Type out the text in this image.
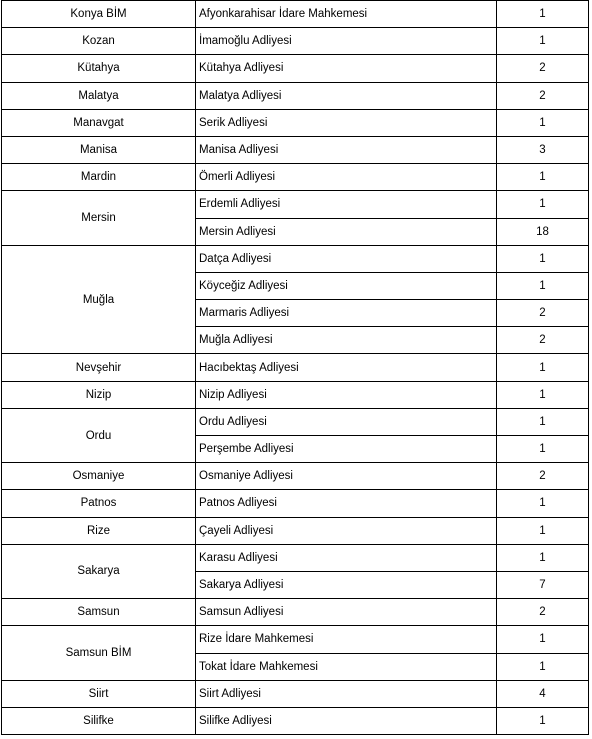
Konya BİM	Afyonkarahisar İdare Mahkemesi	1
Kozan	İmamoğlu Adliyesi	1
Kütahya	Kütahya Adliyesi	2
Malatya	Malatya Adliyesi	2
Manavgat	Serik Adliyesi	1
Manisa	Manisa Adliyesi	3
Mardin	Ömerli Adliyesi	1
Mersin	Erdemli Adliyesi	1
	Mersin Adliyesi	18
Muğla	Datça Adliyesi	1
	Köyceğiz Adliyesi	1
	Marmaris Adliyesi	2
	Muğla Adliyesi	2
Nevşehir	Hacıbektaş Adliyesi	1
Nizip	Nizip Adliyesi	1
Ordu	Ordu Adliyesi	1
	Perşembe Adliyesi	1
Osmaniye	Osmaniye Adliyesi	2
Patnos	Patnos Adliyesi	1
Rize	Çayeli Adliyesi	1
Sakarya	Karasu Adliyesi	1
	Sakarya Adliyesi	7
Samsun	Samsun Adliyesi	2
Samsun BİM	Rize İdare Mahkemesi	1
	Tokat İdare Mahkemesi	1
Siirt	Siirt Adliyesi	4
Silifke	Silifke Adliyesi	1
